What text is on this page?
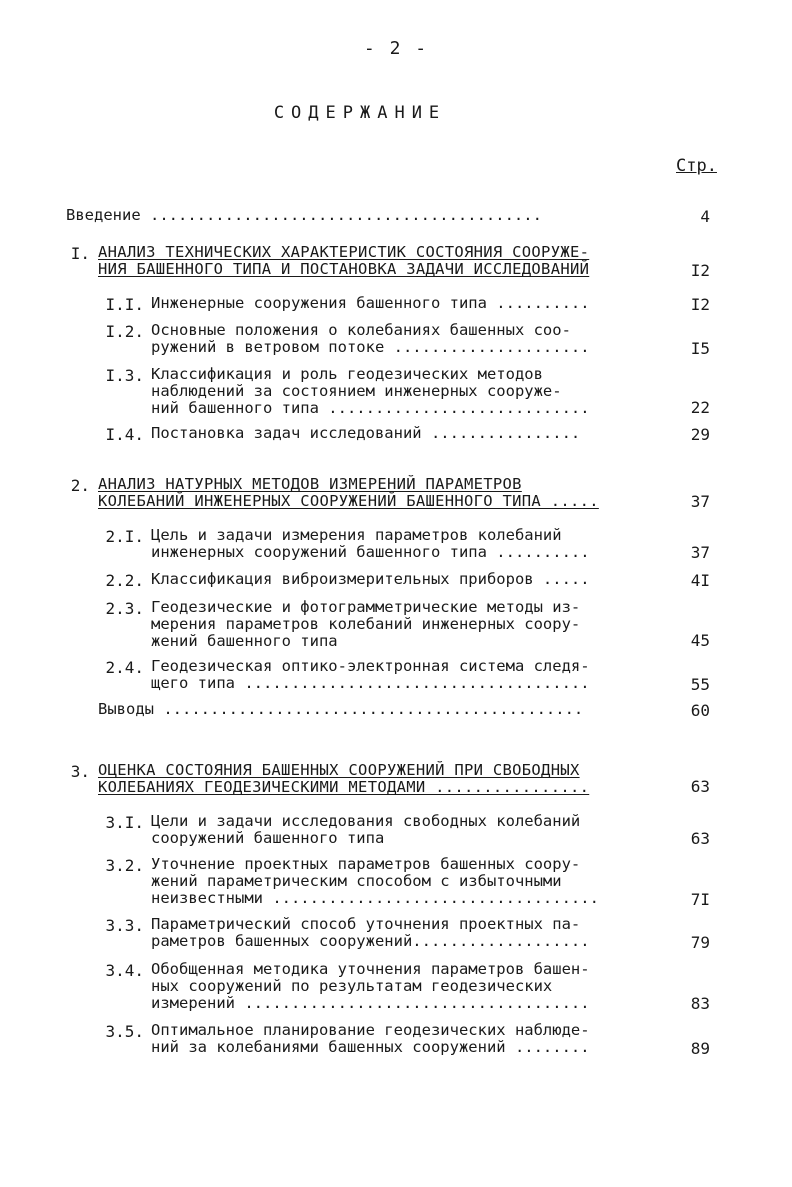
- 2 -
СОДЕРЖАНИЕ
Стр.
Введение ..........................................	4
I. АНАЛИЗ ТЕХНИЧЕСКИХ ХАРАКТЕРИСТИК СОСТОЯНИЯ СООРУЖЕ-
НИЯ БАШЕННОГО ТИПА И ПОСТАНОВКА ЗАДАЧИ ИССЛЕДОВАНИЙ	I2
I.I. Инженерные сооружения башенного типа ..........	I2
I.2. Основные положения о колебаниях башенных соо-
ружений в ветровом потоке .....................	I5
I.3. Классификация и роль геодезических методов
наблюдений за состоянием инженерных сооруже-
ний башенного типа ............................	22
I.4. Постановка задач исследований ................	29
2. АНАЛИЗ НАТУРНЫХ МЕТОДОВ ИЗМЕРЕНИЙ ПАРАМЕТРОВ
КОЛЕБАНИЙ ИНЖЕНЕРНЫХ СООРУЖЕНИЙ БАШЕННОГО ТИПА .....	37
2.I. Цель и задачи измерения параметров колебаний
инженерных сооружений башенного типа ..........	37
2.2. Классификация виброизмерительных приборов .....	4I
2.3. Геодезические и фотограмметрические методы из-
мерения параметров колебаний инженерных соору-
жений башенного типа	45
2.4. Геодезическая оптико-электронная система следя-
щего типа .....................................	55
Выводы .............................................	60
3. ОЦЕНКА СОСТОЯНИЯ БАШЕННЫХ СООРУЖЕНИЙ ПРИ СВОБОДНЫХ
КОЛЕБАНИЯХ ГЕОДЕЗИЧЕСКИМИ МЕТОДАМИ ................	63
3.I. Цели и задачи исследования свободных колебаний
сооружений башенного типа	63
3.2. Уточнение проектных параметров башенных соору-
жений параметрическим способом с избыточными
неизвестными ...................................	7I
3.3. Параметрический способ уточнения проектных па-
раметров башенных сооружений...................	79
3.4. Обобщенная методика уточнения параметров башен-
ных сооружений по результатам геодезических
измерений .....................................	83
3.5. Оптимальное планирование геодезических наблюде-
ний за колебаниями башенных сооружений ........	89
